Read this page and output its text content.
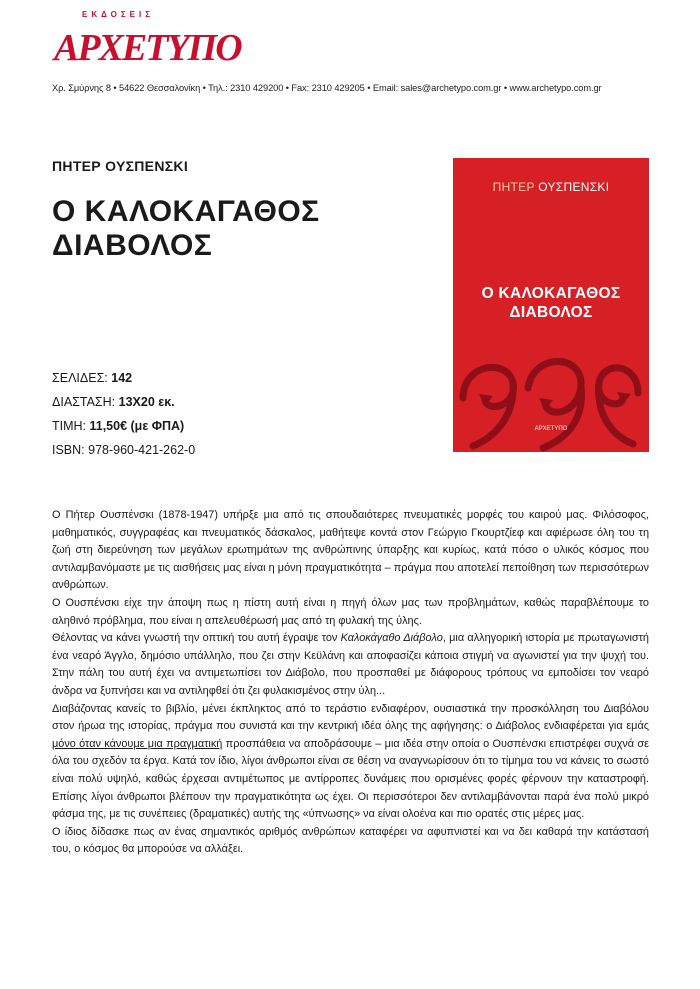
ΕΚΔΟΣΕΙΣ
ΑΡΧΕΤΥΠΟ
Χρ. Σμύρνης 8 • 54622 Θεσσαλονίκη • Τηλ.: 2310 429200 • Fax: 2310 429205 • Email: sales@archetypo.com.gr • www.archetypo.com.gr
ΠΗΤΕΡ ΟΥΣΠΕΝΣΚΙ
Ο ΚΑΛΟΚΑΓΑΘΟΣ
ΔΙΑΒΟΛΟΣ
ΣΕΛΙΔΕΣ: 142
ΔΙΑΣΤΑΣΗ: 13Χ20 εκ.
ΤΙΜΗ: 11,50€ (με ΦΠΑ)
ISBN: 978-960-421-262-0
ΠΗΤΕΡ ΟΥΣΠΕΝΣΚΙ
Ο ΚΑΛΟΚΑΓΑΘΟΣ
ΔΙΑΒΟΛΟΣ
ΑΡΧΕΤΥΠΟ

Ο Πήτερ Ουσπένσκι (1878-1947) υπήρξε μια από τις σπουδαιότερες πνευματικές μορφές του καιρού μας. Φιλόσοφος, μαθηματικός, συγγραφέας και πνευματικός δάσκαλος, μαθήτεψε κοντά στον Γεώργιο Γκουρτζίεφ και αφιέρωσε όλη του τη ζωή στη διερεύνηση των μεγάλων ερωτημάτων της ανθρώπινης ύπαρξης και κυρίως, κατά πόσο ο υλικός κόσμος που αντιλαμβανόμαστε με τις αισθήσεις μας είναι η μόνη πραγματικότητα – πράγμα που αποτελεί πεποίθηση των περισσότερων ανθρώπων.

Ο Ουσπένσκι είχε την άποψη πως η πίστη αυτή είναι η πηγή όλων μας των προβλημάτων, καθώς παραβλέπουμε το αληθινό πρόβλημα, που είναι η απελευθέρωσή μας από τη φυλακή της ύλης.

Θέλοντας να κάνει γνωστή την οπτική του αυτή έγραψε τον Καλοκάγαθο Διάβολο, μια αλληγορική ιστορία με πρωταγωνιστή ένα νεαρό Άγγλο, δημόσιο υπάλληλο, που ζει στην Κεϋλάνη και αποφασίζει κάποια στιγμή να αγωνιστεί για την ψυχή του. Στην πάλη του αυτή έχει να αντιμετωπίσει τον Διάβολο, που προσπαθεί με διάφορους τρόπους να εμποδίσει τον νεαρό άνδρα να ξυπνήσει και να αντιληφθεί ότι ζει φυλακισμένος στην ύλη...

Διαβάζοντας κανείς το βιβλίο, μένει έκπληκτος από το τεράστιο ενδιαφέρον, ουσιαστικά την προσκόλληση του Διαβόλου στον ήρωα της ιστορίας, πράγμα που συνιστά και την κεντρική ιδέα όλης της αφήγησης: ο Διάβολος ενδιαφέρεται για εμάς μόνο όταν κάνουμε μια πραγματική προσπάθεια να αποδράσουμε – μια ιδέα στην οποία ο Ουσπένσκι επιστρέφει συχνά σε όλα του σχεδόν τα έργα. Κατά τον ίδιο, λίγοι άνθρωποι είναι σε θέση να αναγνωρίσουν ότι το τίμημα του να κάνεις το σωστό είναι πολύ υψηλό, καθώς έρχεσαι αντιμέτωπος με αντίρροπες δυνάμεις που ορισμένες φορές φέρνουν την καταστροφή. Επίσης λίγοι άνθρωποι βλέπουν την πραγματικότητα ως έχει. Οι περισσότεροι δεν αντιλαμβάνονται παρά ένα πολύ μικρό φάσμα της, με τις συνέπειες (δραματικές) αυτής της «ύπνωσης» να είναι ολοένα και πιο ορατές στις μέρες μας.

Ο ίδιος δίδασκε πως αν ένας σημαντικός αριθμός ανθρώπων καταφέρει να αφυπνιστεί και να δει καθαρά την κατάστασή του, ο κόσμος θα μπορούσε να αλλάξει.
